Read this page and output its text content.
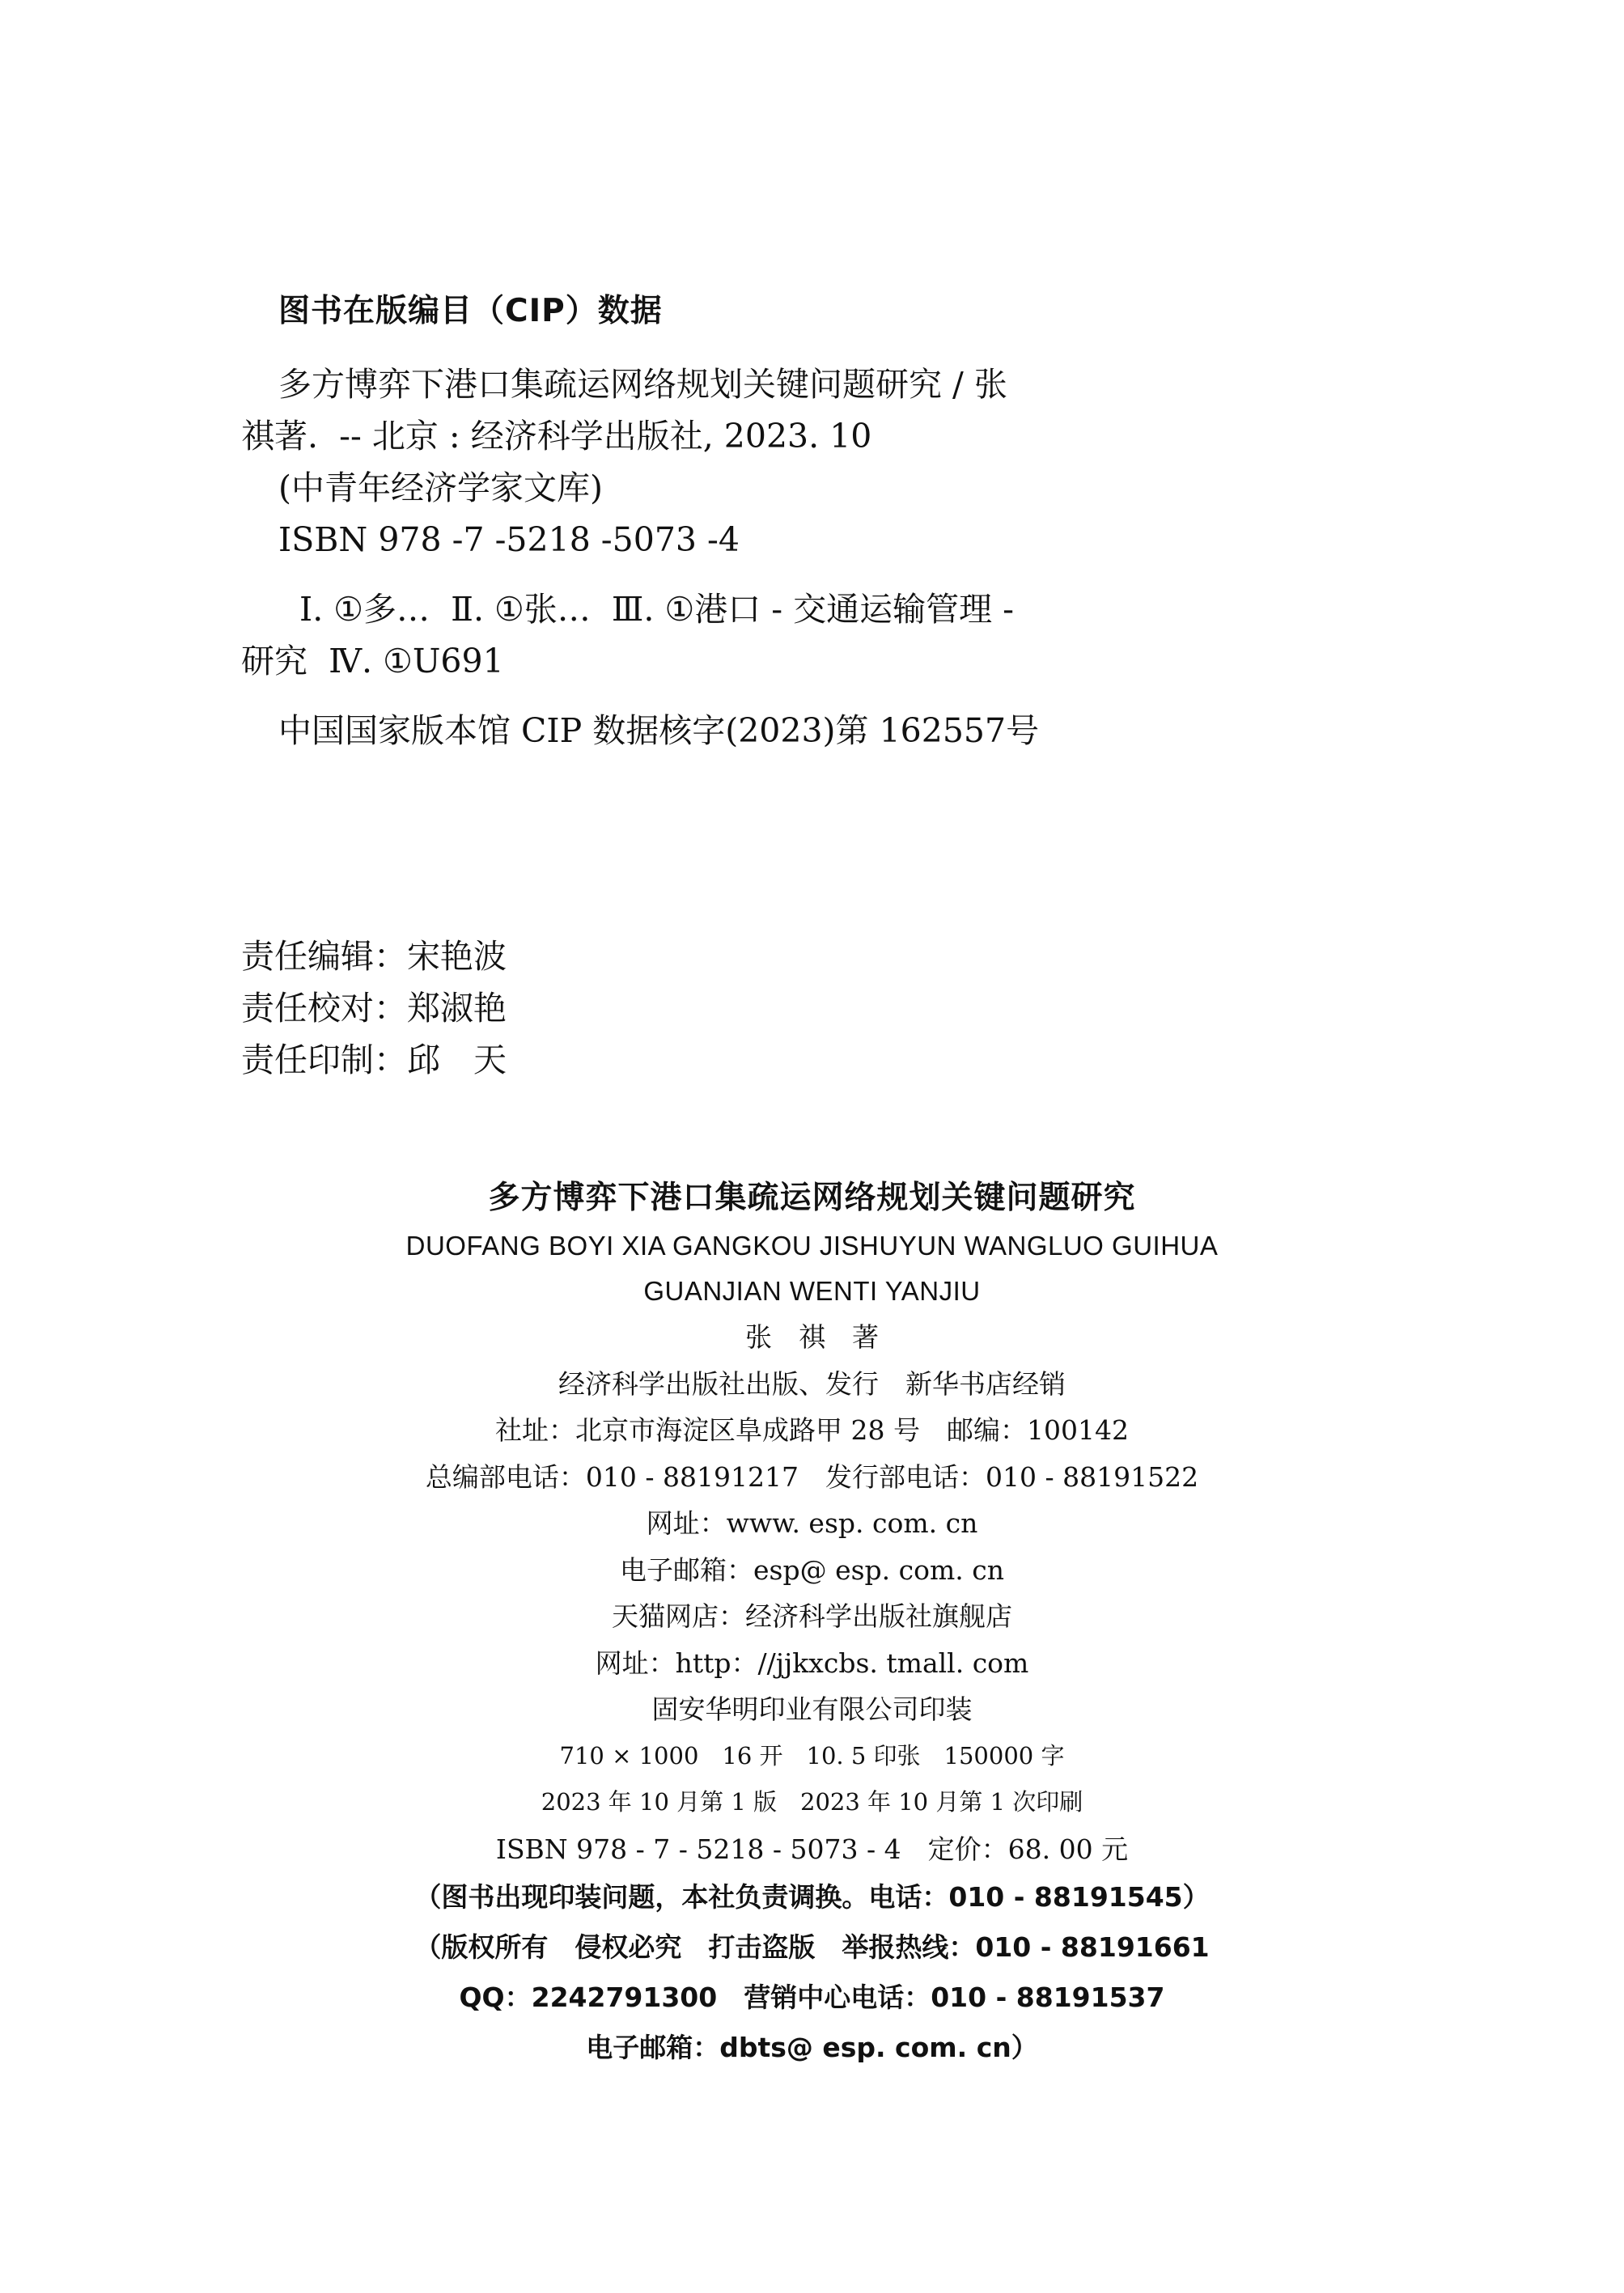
图书在版编目（CIP）数据
多方博弈下港口集疏运网络规划关键问题研究 / 张
祺著.  -- 北京 : 经济科学出版社, 2023. 10
(中青年经济学家文库)
ISBN 978 -7 -5218 -5073 -4
Ⅰ. ①多…  Ⅱ. ①张…  Ⅲ. ①港口 - 交通运输管理 -
研究  Ⅳ. ①U691
中国国家版本馆 CIP 数据核字(2023)第 162557号
责任编辑：宋艳波
责任校对：郑淑艳
责任印制：邱　天
多方博弈下港口集疏运网络规划关键问题研究
DUOFANG BOYI XIA GANGKOU JISHUYUN WANGLUO GUIHUA
GUANJIAN WENTI YANJIU
张　祺　著
经济科学出版社出版、发行　新华书店经销
社址：北京市海淀区阜成路甲 28 号　邮编：100142
总编部电话：010 - 88191217　发行部电话：010 - 88191522
网址：www. esp. com. cn
电子邮箱：esp@ esp. com. cn
天猫网店：经济科学出版社旗舰店
网址：http：//jjkxcbs. tmall. com
固安华明印业有限公司印装
710 × 1000　16 开　10. 5 印张　150000 字
2023 年 10 月第 1 版　2023 年 10 月第 1 次印刷
ISBN 978 - 7 - 5218 - 5073 - 4　定价：68. 00 元
（图书出现印装问题，本社负责调换。电话：010 - 88191545）
（版权所有　侵权必究　打击盗版　举报热线：010 - 88191661
QQ：2242791300　营销中心电话：010 - 88191537
电子邮箱：dbts@ esp. com. cn）
